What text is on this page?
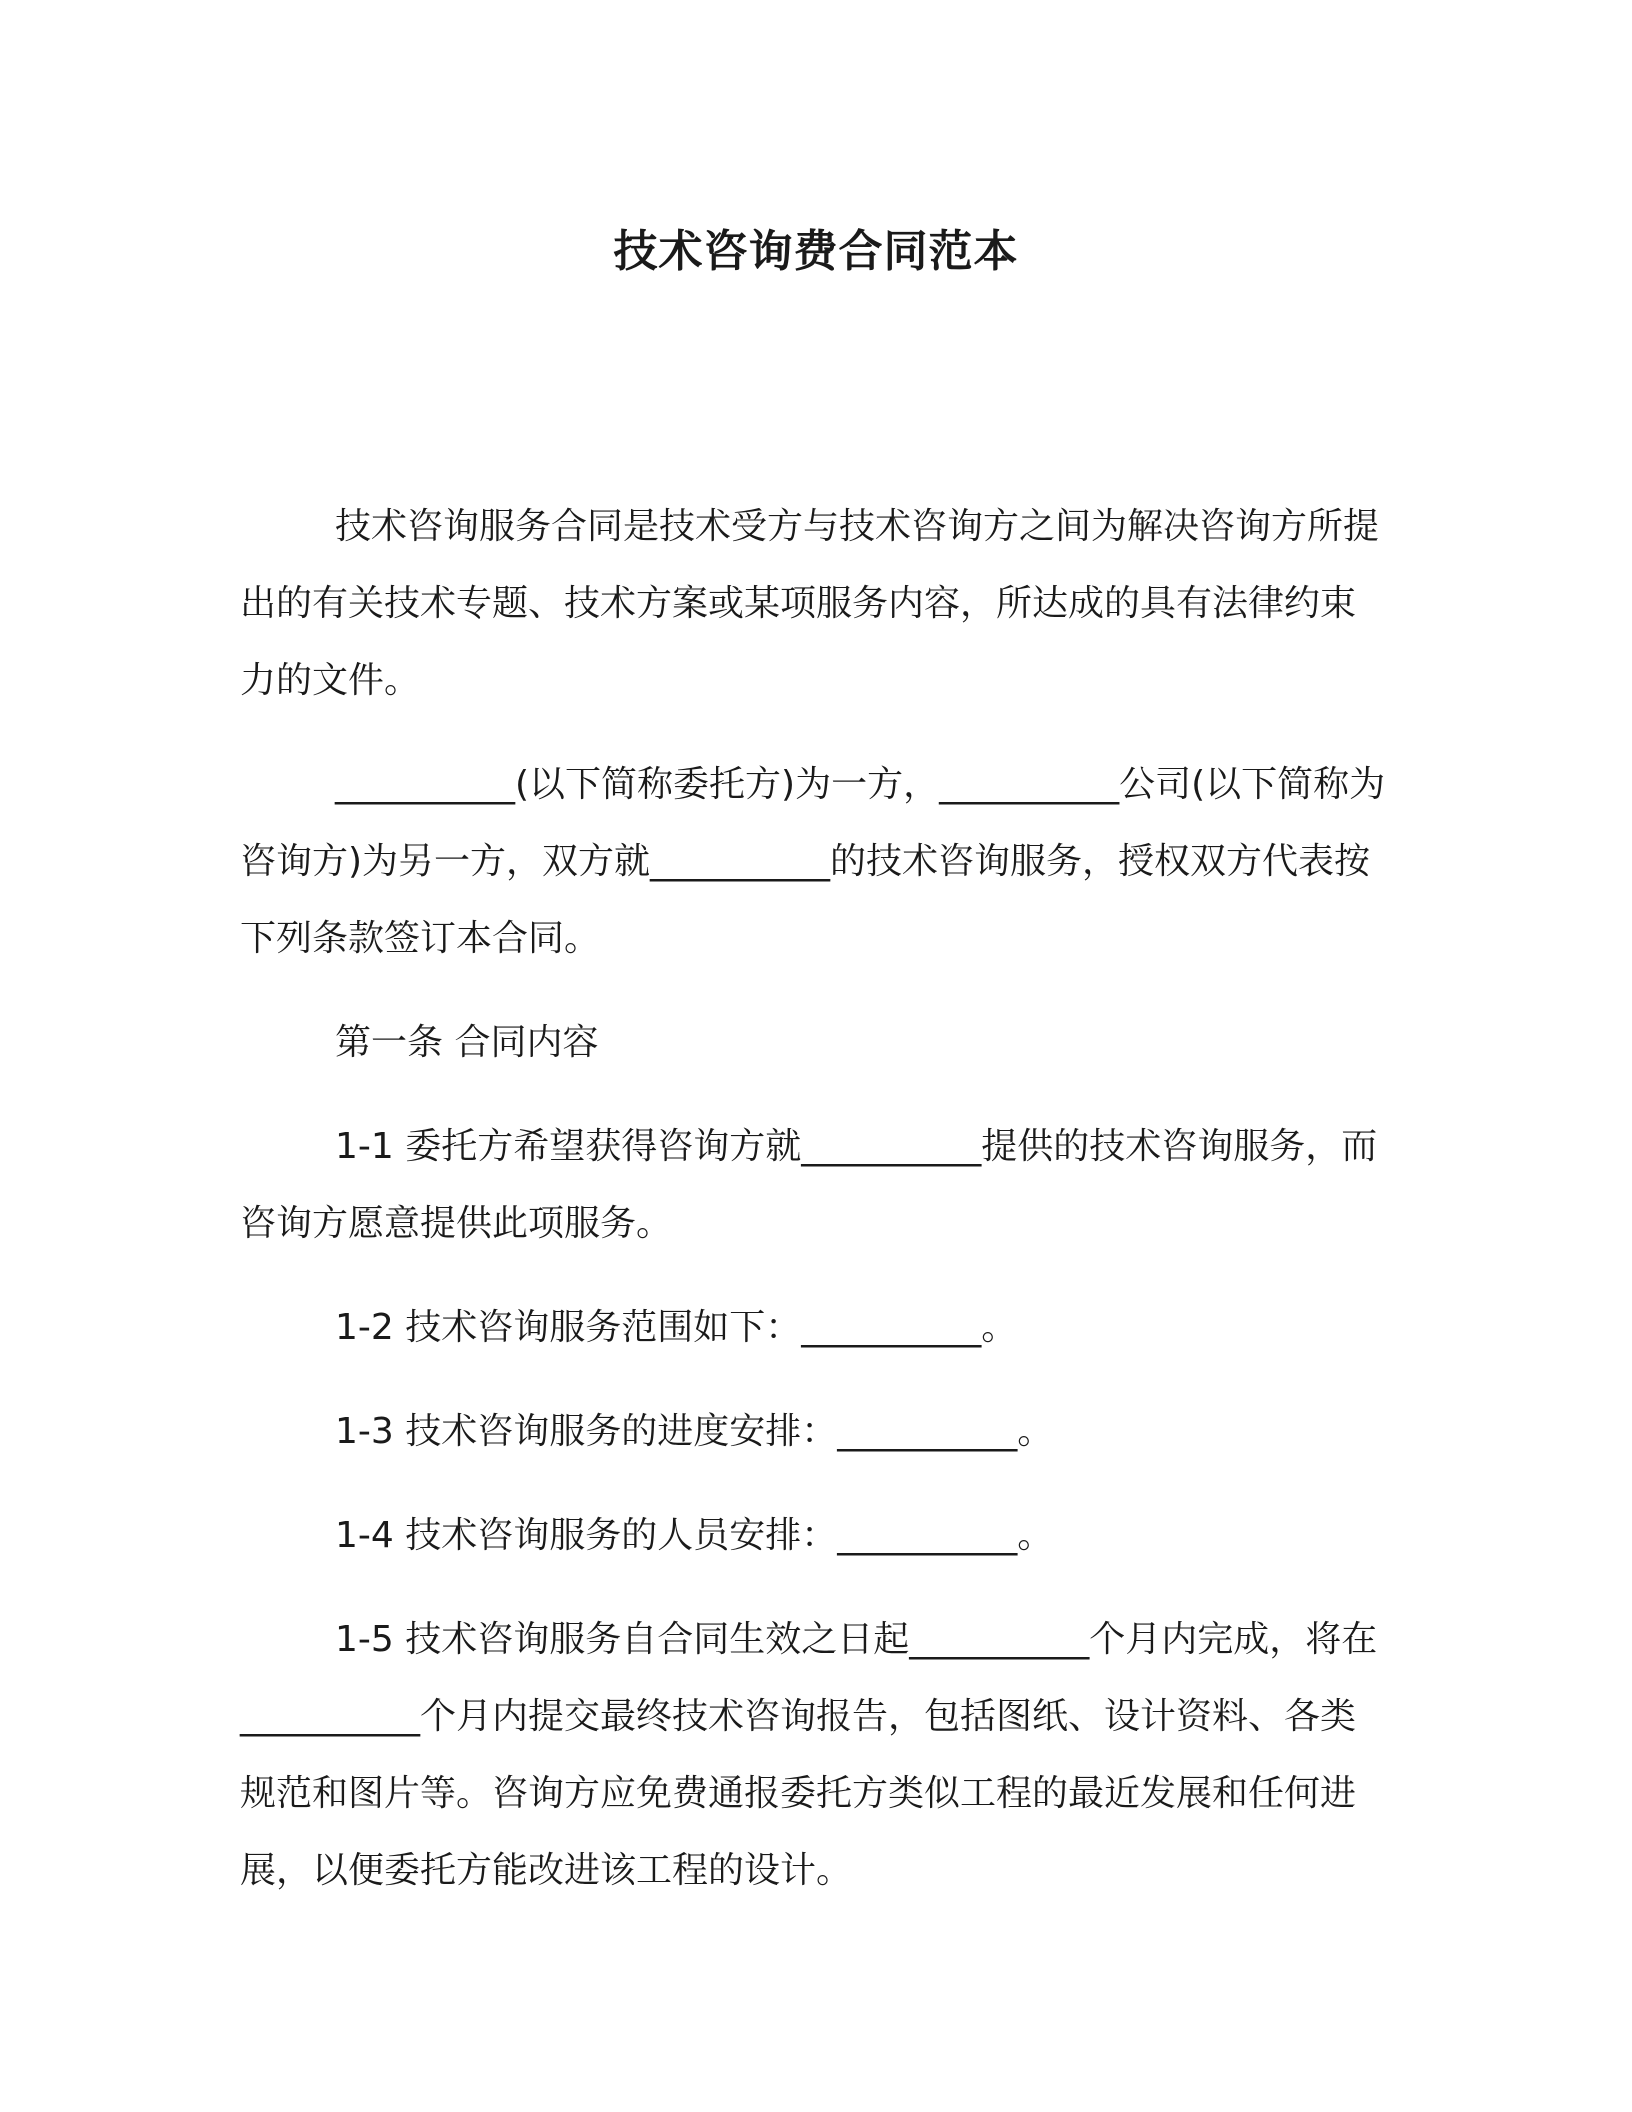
技术咨询费合同范本

技术咨询服务合同是技术受方与技术咨询方之间为解决咨询方所提出的有关技术专题、技术方案或某项服务内容，所达成的具有法律约束力的文件。

__________(以下简称委托方)为一方，__________公司(以下简称为咨询方)为另一方，双方就__________的技术咨询服务，授权双方代表按下列条款签订本合同。

第一条 合同内容

1-1 委托方希望获得咨询方就__________提供的技术咨询服务，而咨询方愿意提供此项服务。

1-2 技术咨询服务范围如下：__________。

1-3 技术咨询服务的进度安排：__________。

1-4 技术咨询服务的人员安排：__________。

1-5 技术咨询服务自合同生效之日起__________个月内完成，将在__________个月内提交最终技术咨询报告，包括图纸、设计资料、各类规范和图片等。咨询方应免费通报委托方类似工程的最近发展和任何进展，以便委托方能改进该工程的设计。
